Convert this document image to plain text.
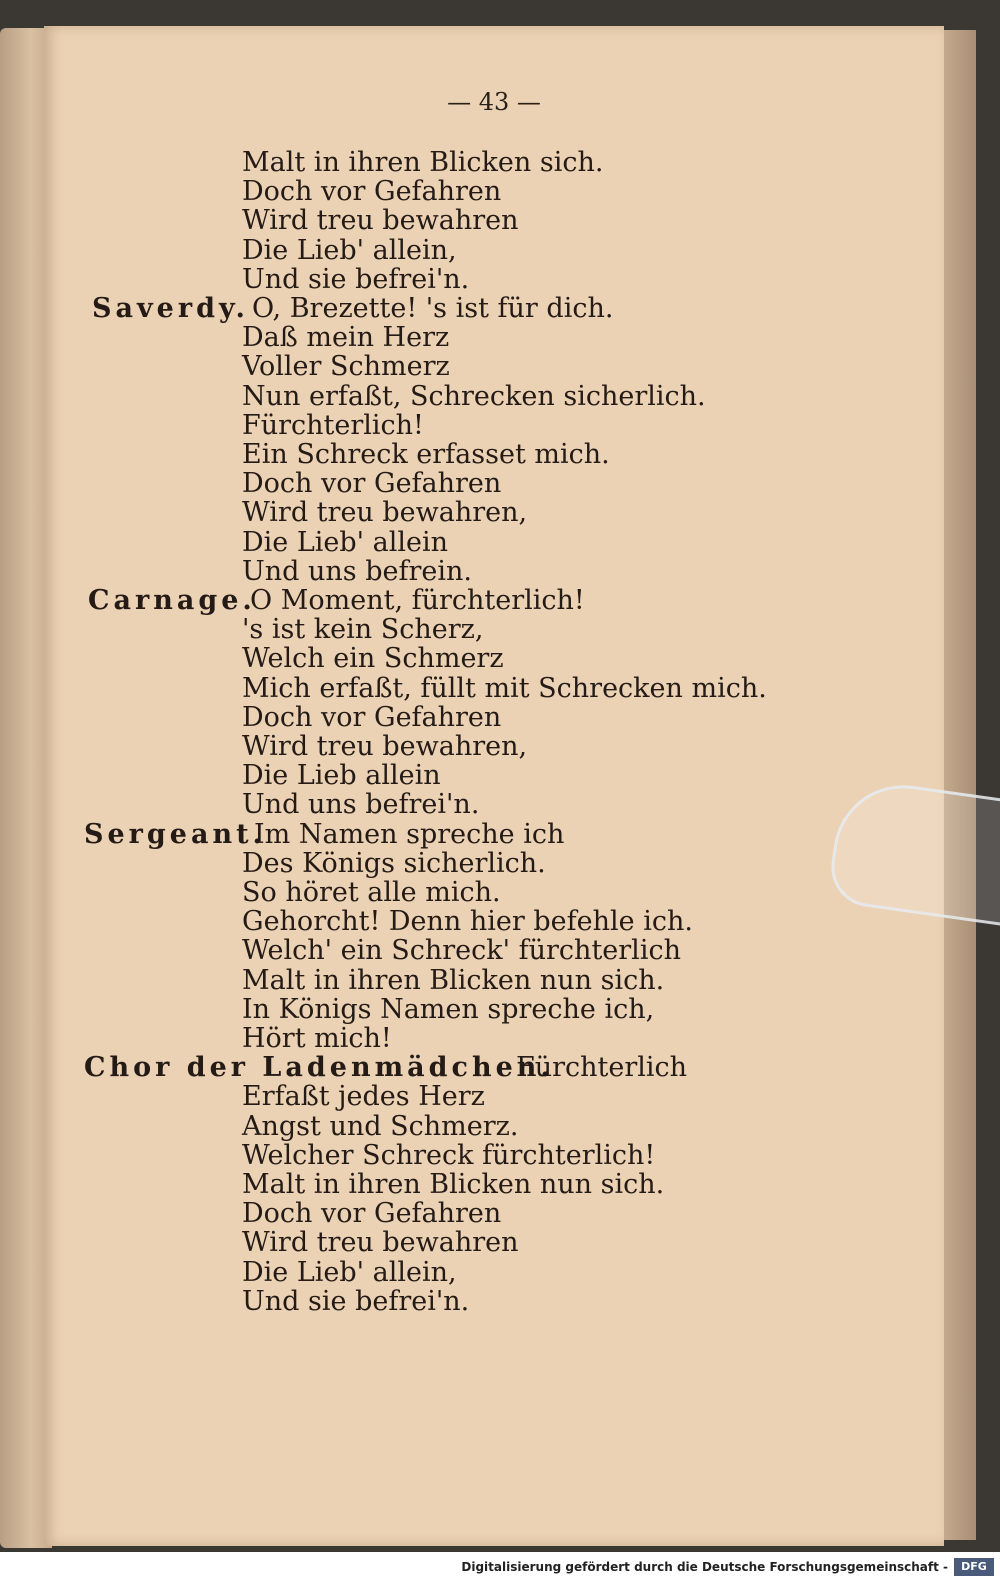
— 43 —
Malt in ihren Blicken sich.
Doch vor Gefahren
Wird treu bewahren
Die Lieb' allein,
Und sie befrei'n.
Saverdy. O, Brezette! 's ist für dich.
Daß mein Herz
Voller Schmerz
Nun erfaßt, Schrecken sicherlich.
Fürchterlich!
Ein Schreck erfasset mich.
Doch vor Gefahren
Wird treu bewahren,
Die Lieb' allein
Und uns befrein.
Carnage.
O Moment, fürchterlich!
's ist kein Scherz,
Welch ein Schmerz
Mich erfaßt, füllt mit Schrecken mich.
Doch vor Gefahren
Wird treu bewahren,
Die Lieb allein
Und uns befrei'n.
Sergeant.
Im Namen spreche ich
Des Königs sicherlich.
So höret alle mich.
Gehorcht! Denn hier befehle ich.
Welch' ein Schreck' fürchterlich
Malt in ihren Blicken nun sich.
In Königs Namen spreche ich,
Hört mich!
Chor der Ladenmädchen.
Fürchterlich
Erfaßt jedes Herz
Angst und Schmerz.
Welcher Schreck fürchterlich!
Malt in ihren Blicken nun sich.
Doch vor Gefahren
Wird treu bewahren
Die Lieb' allein,
Und sie befrei'n.
Digitalisierung gefördert durch die Deutsche Forschungsgemeinschaft -	DFG
